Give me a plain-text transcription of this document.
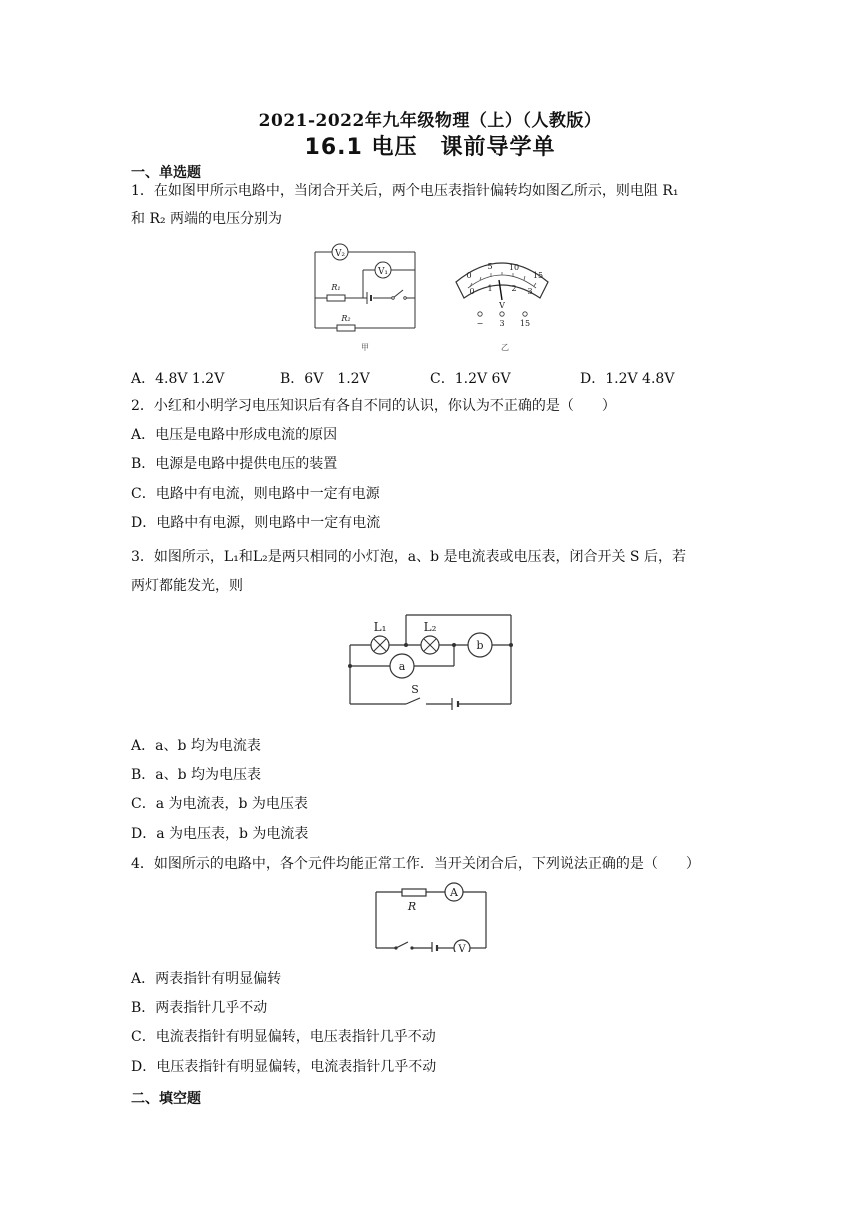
2021-2022年九年级物理（上）（人教版）
16.1 电压　课前导学单
一、单选题
1．在如图甲所示电路中，当闭合开关后，两个电压表指针偏转均如图乙所示，则电阻 R₁
和 R₂ 两端的电压分别为
V₂
V₁
R₁
R₂
甲
0
5 10
15
0 1 2 3
V
− 3 15
乙
A．4.8V 1.2V	B．6V　1.2V	C．1.2V 6V	D．1.2V 4.8V
2．小红和小明学习电压知识后有各自不同的认识，你认为不正确的是（　　）
A．电压是电路中形成电流的原因
B．电源是电路中提供电压的装置
C．电路中有电流，则电路中一定有电源
D．电路中有电源，则电路中一定有电流
3．如图所示，L₁和L₂是两只相同的小灯泡，a、b 是电流表或电压表，闭合开关 S 后，若
两灯都能发光，则
L₁	L₂
b
a
S
A．a、b 均为电流表
B．a、b 均为电压表
C．a 为电流表，b 为电压表
D．a 为电压表，b 为电流表
4．如图所示的电路中，各个元件均能正常工作．当开关闭合后，下列说法正确的是（　　）
R
A
V
A．两表指针有明显偏转
B．两表指针几乎不动
C．电流表指针有明显偏转，电压表指针几乎不动
D．电压表指针有明显偏转，电流表指针几乎不动
二、填空题
